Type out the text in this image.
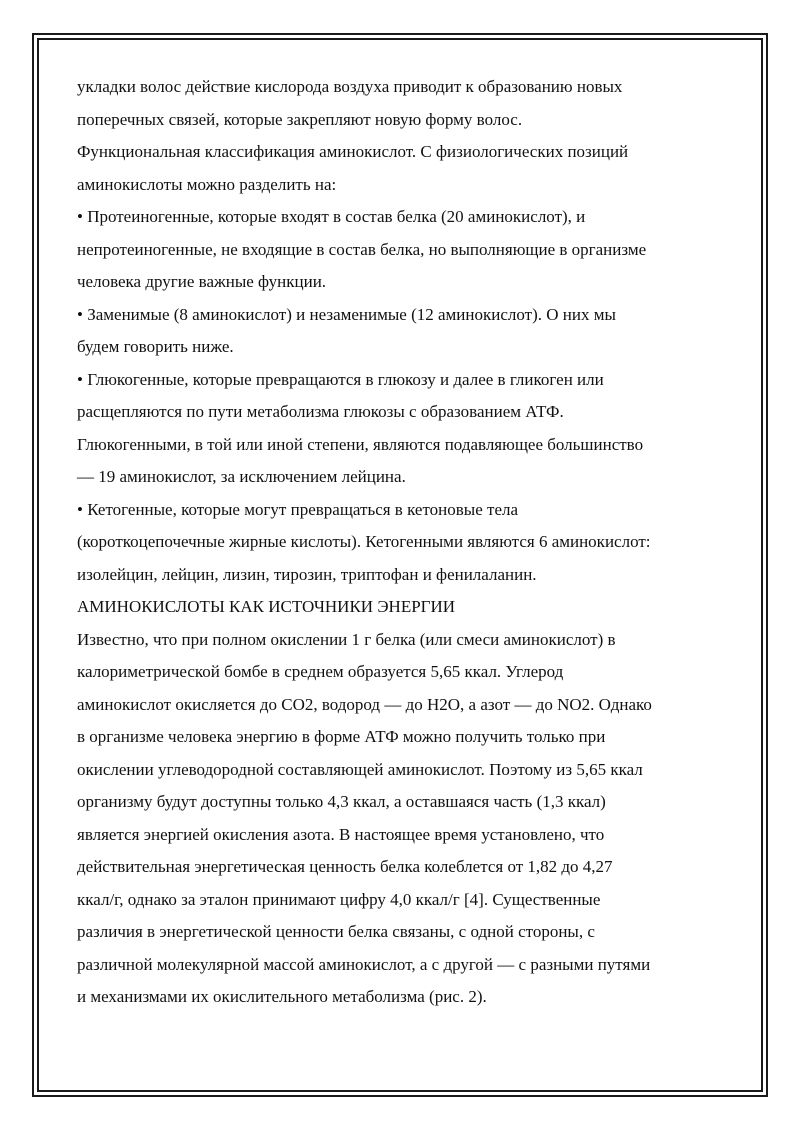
укладки волос действие кислорода воздуха приводит к образованию новых
поперечных связей, которые закрепляют новую форму волос.
Функциональная классификация аминокислот. С физиологических позиций
аминокислоты можно разделить на:
• Протеиногенные, которые входят в состав белка (20 аминокислот), и
непротеиногенные, не входящие в состав белка, но выполняющие в организме
человека другие важные функции.
• Заменимые (8 аминокислот) и незаменимые (12 аминокислот). О них мы
будем говорить ниже.
• Глюкогенные, которые превращаются в глюкозу и далее в гликоген или
расщепляются по пути метаболизма глюкозы с образованием АТФ.
Глюкогенными, в той или иной степени, являются подавляющее большинство
— 19 аминокислот, за исключением лейцина.
• Кетогенные, которые могут превращаться в кетоновые тела
(короткоцепочечные жирные кислоты). Кетогенными являются 6 аминокислот:
изолейцин, лейцин, лизин, тирозин, триптофан и фенилаланин.
АМИНОКИСЛОТЫ КАК ИСТОЧНИКИ ЭНЕРГИИ
Известно, что при полном окислении 1 г белка (или смеси аминокислот) в
калориметрической бомбе в среднем образуется 5,65 ккал. Углерод
аминокислот окисляется до СО2, водород — до Н2О, а азот — до NO2. Однако
в организме человека энергию в форме АТФ можно получить только при
окислении углеводородной составляющей аминокислот. Поэтому из 5,65 ккал
организму будут доступны только 4,3 ккал, а оставшаяся часть (1,3 ккал)
является энергией окисления азота. В настоящее время установлено, что
действительная энергетическая ценность белка колеблется от 1,82 до 4,27
ккал/г, однако за эталон принимают цифру 4,0 ккал/г [4]. Существенные
различия в энергетической ценности белка связаны, с одной стороны, с
различной молекулярной массой аминокислот, а с другой — с разными путями
и механизмами их окислительного метаболизма (рис. 2).
